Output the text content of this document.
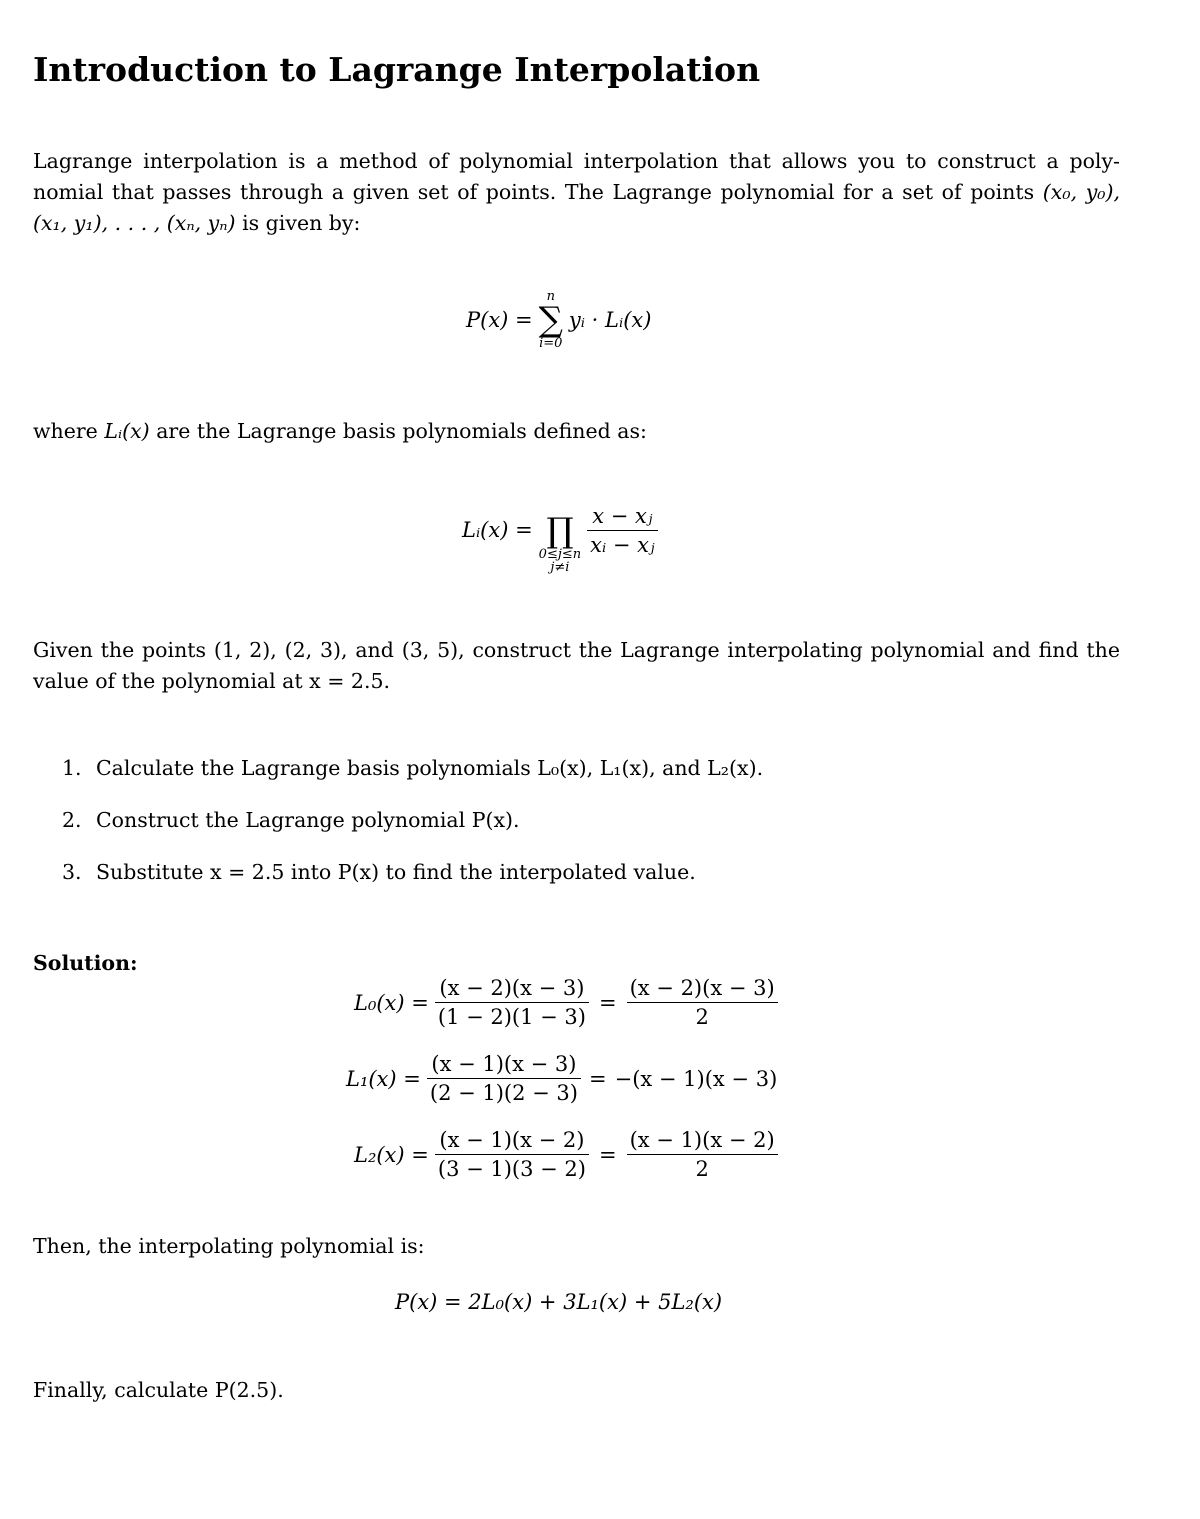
Introduction to Lagrange Interpolation
Lagrange interpolation is a method of polynomial interpolation that allows you to construct a poly-nomial that passes through a given set of points. The Lagrange polynomial for a set of points (x₀, y₀), (x₁, y₁), . . . , (xₙ, yₙ) is given by:
P(x) =
n
∑
i=0
yᵢ · Lᵢ(x)
where Lᵢ(x) are the Lagrange basis polynomials defined as:
Lᵢ(x) = ∏
0≤j≤n
j≠i
$\frac{\text{x − xⱼ}}{\text{xᵢ − xⱼ}}$
Given the points (1, 2), (2, 3), and (3, 5), construct the Lagrange interpolating polynomial and find the value of the polynomial at x = 2.5.
1. Calculate the Lagrange basis polynomials L₀(x), L₁(x), and L₂(x).
2. Construct the Lagrange polynomial P(x).
3. Substitute x = 2.5 into P(x) to find the interpolated value.
Solution:
$L_0(x) = \frac{(x - 2)(x - 3)}{(1 - 2)(1 - 3)} = \frac{(x - 2)(x - 3)}{2}$
$L_1(x) = \frac{(x - 1)(x - 3)}{(2 - 1)(2 - 3)} = -(x - 1)(x - 3)$
$L_2(x) = \frac{(x - 1)(x - 2)}{(3 - 1)(3 - 2)} = \frac{(x - 1)(x - 2)}{2}$
Then, the interpolating polynomial is:
P(x) = 2L₀(x) + 3L₁(x) + 5L₂(x)
Finally, calculate P(2.5).
